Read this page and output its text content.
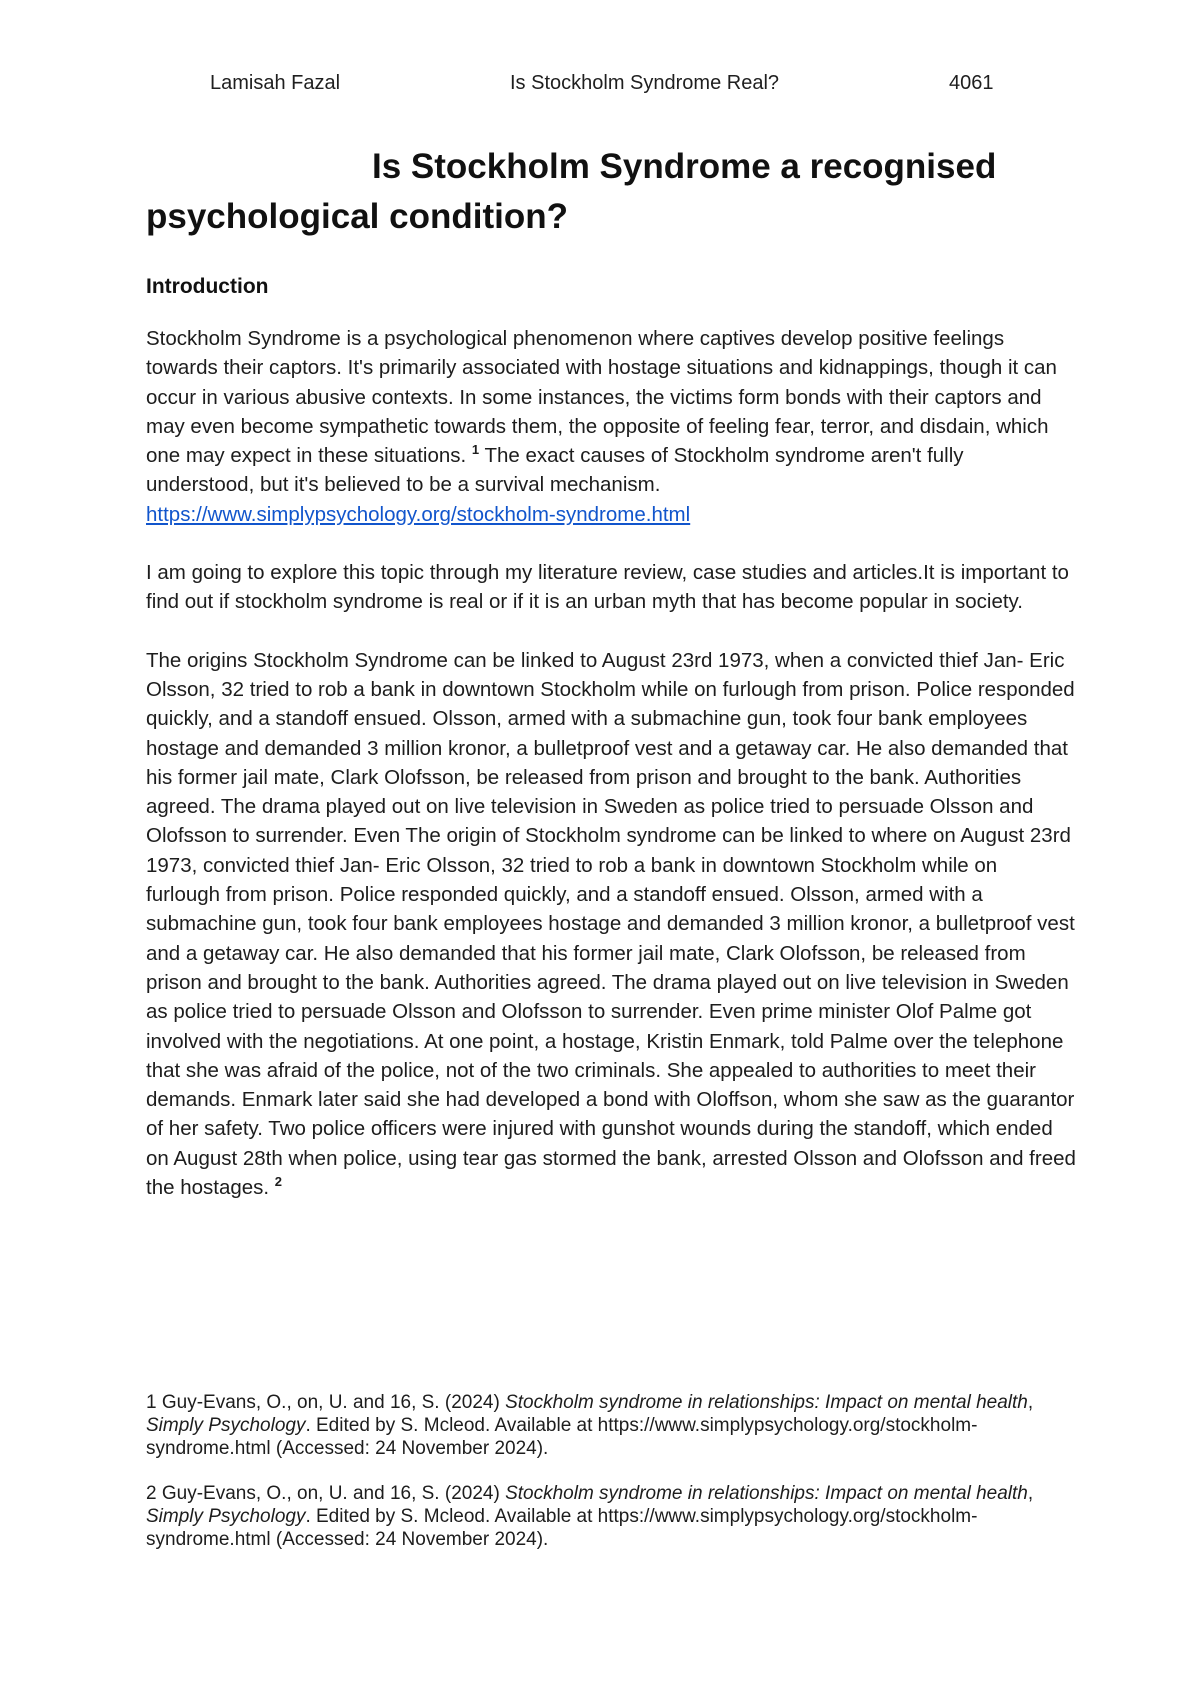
Lamisah Fazal	Is Stockholm Syndrome Real?	4061
Is Stockholm Syndrome a recognised
psychological condition?
Introduction

Stockholm Syndrome is a psychological phenomenon where captives develop positive feelings towards their captors. It's primarily associated with hostage situations and kidnappings, though it can occur in various abusive contexts. In some instances, the victims form bonds with their captors and may even become sympathetic towards them, the opposite of feeling fear, terror, and disdain, which one may expect in these situations. $^1$ The exact causes of Stockholm syndrome aren't fully understood, but it's believed to be a survival mechanism.

https://www.simplypsychology.org/stockholm-syndrome.html

I am going to explore this topic through my literature review, case studies and articles.It is important to find out if stockholm syndrome is real or if it is an urban myth that has become popular in society.

The origins Stockholm Syndrome can be linked to August 23rd 1973, when a convicted thief Jan- Eric Olsson, 32 tried to rob a bank in downtown Stockholm while on furlough from prison. Police responded quickly, and a standoff ensued. Olsson, armed with a submachine gun, took four bank employees hostage and demanded 3 million kronor, a bulletproof vest and a getaway car. He also demanded that his former jail mate, Clark Olofsson, be released from prison and brought to the bank. Authorities agreed. The drama played out on live television in Sweden as police tried to persuade Olsson and Olofsson to surrender. Even The origin of Stockholm syndrome can be linked to where on August 23rd 1973, convicted thief Jan- Eric Olsson, 32 tried to rob a bank in downtown Stockholm while on furlough from prison. Police responded quickly, and a standoff ensued. Olsson, armed with a submachine gun, took four bank employees hostage and demanded 3 million kronor, a bulletproof vest and a getaway car. He also demanded that his former jail mate, Clark Olofsson, be released from prison and brought to the bank. Authorities agreed. The drama played out on live television in Sweden as police tried to persuade Olsson and Olofsson to surrender. Even prime minister Olof Palme got involved with the negotiations. At one point, a hostage, Kristin Enmark, told Palme over the telephone that she was afraid of the police, not of the two criminals. She appealed to authorities to meet their demands. Enmark later said she had developed a bond with Oloffson, whom she saw as the guarantor of her safety. Two police officers were injured with gunshot wounds during the standoff, which ended on August 28th when police, using tear gas stormed the bank, arrested Olsson and Olofsson and freed the hostages. $^2$

1 Guy-Evans, O., on, U. and 16, S. (2024) Stockholm syndrome in relationships: Impact on mental health, Simply Psychology. Edited by S. Mcleod. Available at https://www.simplypsychology.org/stockholm-syndrome.html (Accessed: 24 November 2024).

2 Guy-Evans, O., on, U. and 16, S. (2024) Stockholm syndrome in relationships: Impact on mental health, Simply Psychology. Edited by S. Mcleod. Available at https://www.simplypsychology.org/stockholm-syndrome.html (Accessed: 24 November 2024).
